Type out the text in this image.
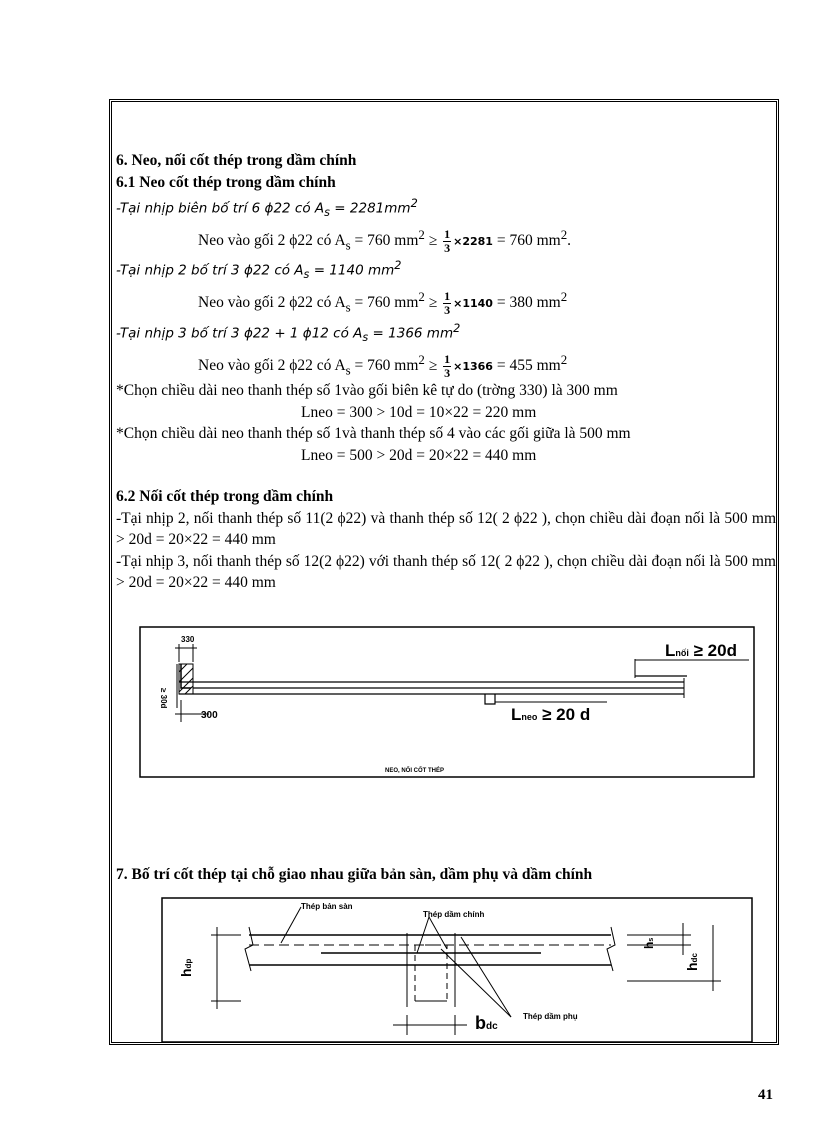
6. Neo, nối cốt thép trong dầm chính

6.1 Neo cốt thép trong dầm chính

-Tại nhịp biên bố trí 6 ϕ22 có $A_s = 2281mm^2$

Neo vào gối 2 ϕ22 có $A_s = 760$ $mm^2 \ge \frac{1}{3} \times 2281 = 760$ $mm^2$.

-Tại nhịp 2 bố trí 3 ϕ22 có $A_s = 1140$ $mm^2$

Neo vào gối 2 ϕ22 có $A_s = 760$ $mm^2 \ge \frac{1}{3} \times 1140 = 380$ $mm^2$

-Tại nhịp 3 bố trí 3 ϕ22 + 1 ϕ12 có $A_s = 1366$ $mm^2$

Neo vào gối 2 ϕ22 có $A_s = 760$ $mm^2 \ge \frac{1}{3} \times 1366 = 455$ $mm^2$

*Chọn chiều dài neo thanh thép số 1vào gối biên kê tự do (trờng 330) là 300 mm

Lneo = 300 > 10d = 10×22 = 220 mm

*Chọn chiều dài neo thanh thép số 1và thanh thép số 4 vào các gối giữa là 500 mm

Lneo = 500 > 20d = 20×22 = 440 mm

6.2 Nối cốt thép trong dầm chính

-Tại nhịp 2, nối thanh thép số 11(2 ϕ22) và thanh thép số 12( 2 ϕ22 ), chọn chiều dài đoạn nối là 500 mm > 20d = 20×22 = 440 mm

-Tại nhịp 3, nối thanh thép số 12(2 ϕ22) với thanh thép số 12( 2 ϕ22 ), chọn chiều dài đoạn nối là 500 mm > 20d = 20×22 = 440 mm

330
≥ 30d
300
Lnối ≥ 20d
Lneo ≥ 20 d
NEO, NỐI CỐT THÉP

7. Bố trí cốt thép tại chỗ giao nhau giữa bản sàn, dầm phụ và dầm chính

bdc
hdp
hs
hdc
Thép bản sàn
Thép dầm chính
Thép dầm phụ
41
